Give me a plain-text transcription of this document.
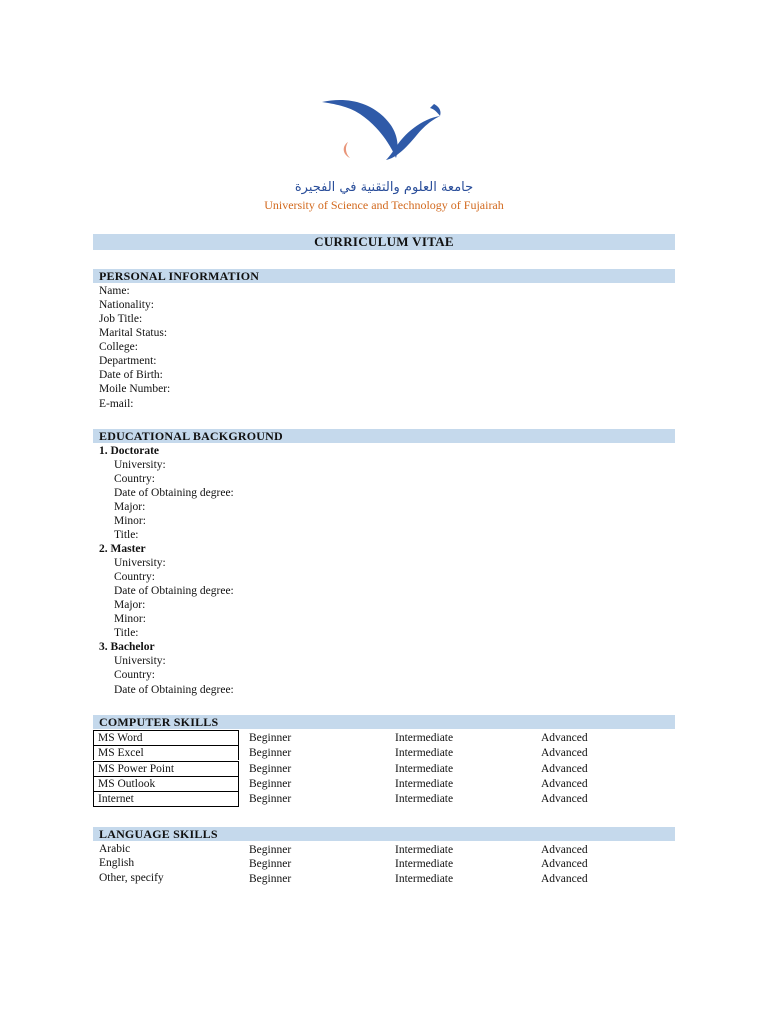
جامعة العلوم والتقنية في الفجيرة
University of Science and Technology of Fujairah
CURRICULUM VITAE
PERSONAL INFORMATION
Name:
Nationality:
Job Title:
Marital Status:
College:
Department:
Date of Birth:
Moile Number:
E-mail:
EDUCATIONAL BACKGROUND
1. Doctorate
University:
Country:
Date of Obtaining degree:
Major:
Minor:
Title:
2. Master
University:
Country:
Date of Obtaining degree:
Major:
Minor:
Title:
3. Bachelor
University:
Country:
Date of Obtaining degree:
COMPUTER SKILLS
MS Word	Beginner	Intermediate	Advanced
MS Excel	Beginner	Intermediate	Advanced
MS Power Point	Beginner	Intermediate	Advanced
MS Outlook	Beginner	Intermediate	Advanced
Internet	Beginner	Intermediate	Advanced
LANGUAGE SKILLS
Arabic	Beginner	Intermediate	Advanced
English	Beginner	Intermediate	Advanced
Other, specify	Beginner	Intermediate	Advanced
